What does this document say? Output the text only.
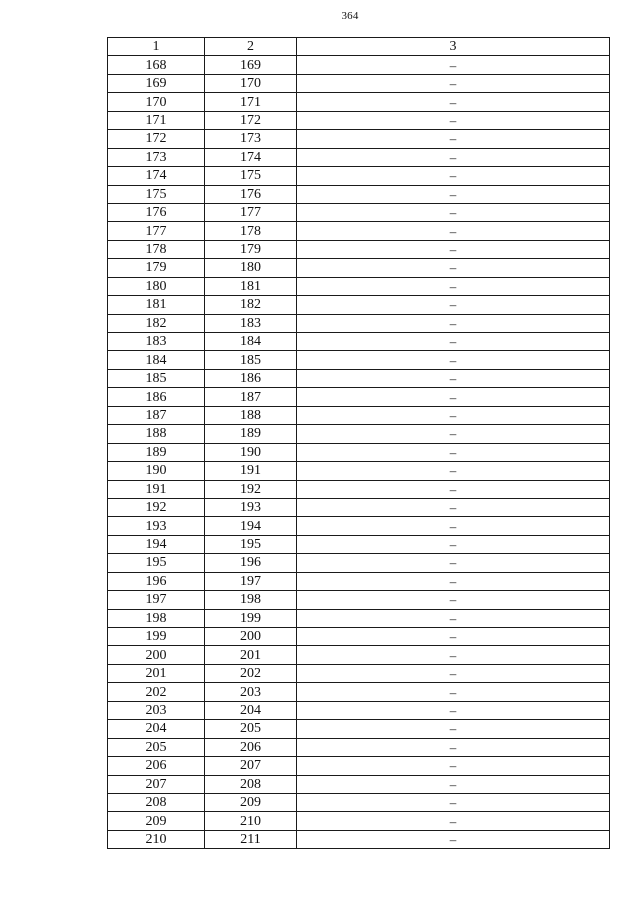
364
1	2	3
168	169	–
169	170	–
170	171	–
171	172	–
172	173	–
173	174	–
174	175	–
175	176	–
176	177	–
177	178	–
178	179	–
179	180	–
180	181	–
181	182	–
182	183	–
183	184	–
184	185	–
185	186	–
186	187	–
187	188	–
188	189	–
189	190	–
190	191	–
191	192	–
192	193	–
193	194	–
194	195	–
195	196	–
196	197	–
197	198	–
198	199	–
199	200	–
200	201	–
201	202	–
202	203	–
203	204	–
204	205	–
205	206	–
206	207	–
207	208	–
208	209	–
209	210	–
210	211	–
